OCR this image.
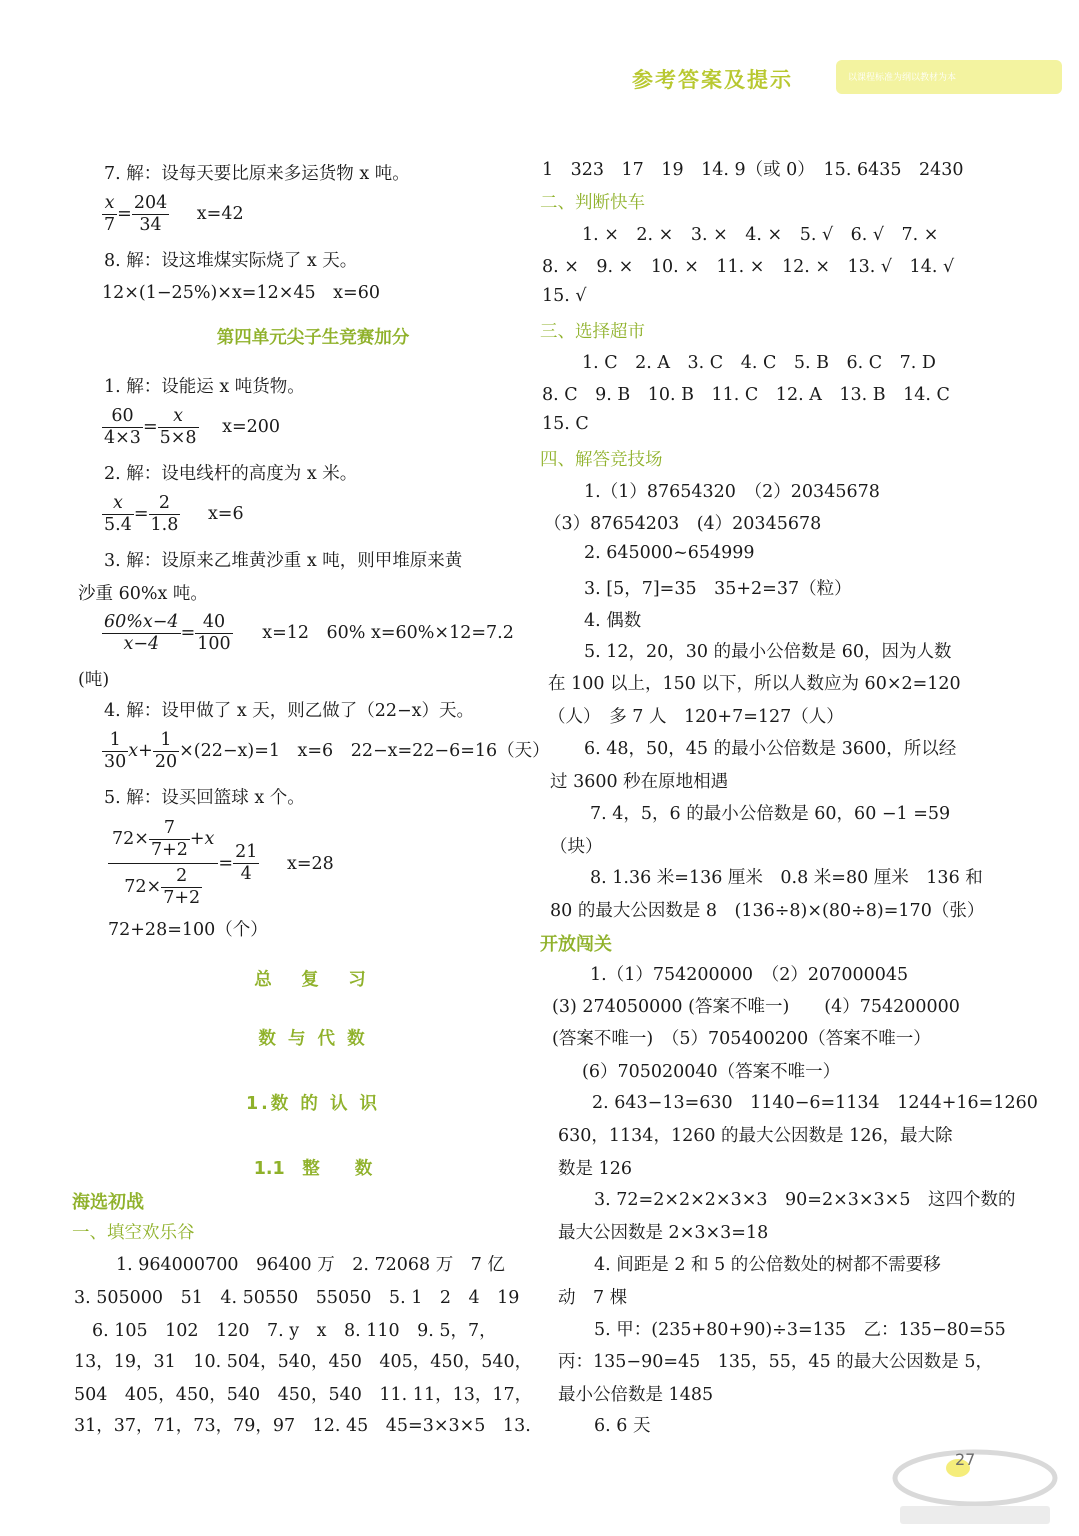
参考答案及提示	以课程标准为纲以教材为本
7. 解：设每天要比原来多运货物 x 吨。
$\frac{x}{7} = \frac{204}{34} x=42$
8. 解：设这堆煤实际烧了 x 天。
12×(1−25%)×x=12×45　x=60
第四单元尖子生竞赛加分
1. 解：设能运 x 吨货物。
$\frac{60}{4\times 3} = \frac{x}{5\times 8} x=200$
2. 解：设电线杆的高度为 x 米。
$\frac{x}{5.4} = \frac{2}{1.8} x=6$
3. 解：设原来乙堆黄沙重 x 吨，则甲堆原来黄
沙重 60%x 吨。
$\frac{60\%x-4}{x-4} = \frac{40}{100} x=12$　60% x=60%×12=7.2
(吨)
4. 解：设甲做了 x 天，则乙做了（22−x）天。
$\frac{1}{30} x+ \frac{1}{20} \times(22-x)=1$　x=6　22−x=22−6=16（天）
5. 解：设买回篮球 x 个。
$\frac{72\times \frac{7}{7+2} +x}{72\times \frac{2}{7+2}} = \frac{21}{4} x=28$
72+28=100（个）
总　复　习
数 与 代 数
1.数 的 认 识
1.1　整　　数
海选初战
一、填空欢乐谷
1. 964000700　96400 万　2. 72068 万　7 亿
3. 505000　51　4. 50550　55050　5. 1　2　4　19
6. 105　102　120　7. y　x　8. 110　9. 5，7，
13，19，31　10. 504，540，450　405，450，540，
504　405，450，540　450，540　11. 11，13，17，
31，37，71，73，79，97　12. 45　45=3×3×5　13.
1　323　17　19　14. 9（或 0）　15. 6435　2430
二、判断快车
1. ×　2. ×　3. ×　4. ×　5. √　6. √　7. ×
8. ×　9. ×　10. ×　11. ×　12. ×　13. √　14. √
15. √
三、选择超市
1. C　2. A　3. C　4. C　5. B　6. C　7. D
8. C　9. B　10. B　11. C　12. A　13. B　14. C
15. C
四、解答竞技场
1.（1）87654320　（2）20345678
（3）87654203　(4）20345678
2. 645000~654999
3. [5，7]=35　35+2=37（粒）
4. 偶数
5. 12，20，30 的最小公倍数是 60，因为人数
在 100 以上，150 以下，所以人数应为 60×2=120
（人）　多 7 人　120+7=127（人）
6. 48，50，45 的最小公倍数是 3600，所以经
过 3600 秒在原地相遇
7. 4，5，6 的最小公倍数是 60，60 −1 =59
（块）
8. 1.36 米=136 厘米　0.8 米=80 厘米　136 和
80 的最大公因数是 8　(136÷8)×(80÷8)=170（张）
开放闯关
1.（1）754200000　（2）207000045
(3) 274050000 (答案不唯一)　　(4）754200000
(答案不唯一)　（5）705400200（答案不唯一）
(6）705020040（答案不唯一）
2. 643−13=630　1140−6=1134　1244+16=1260
630，1134，1260 的最大公因数是 126，最大除
数是 126
3. 72=2×2×2×3×3　90=2×3×3×5　这四个数的
最大公因数是 2×3×3=18
4. 间距是 2 和 5 的公倍数处的树都不需要移
动　7 棵
5. 甲：(235+80+90)÷3=135　乙：135−80=55
丙：135−90=45　135，55，45 的最大公因数是 5，
最小公倍数是 1485
6. 6 天
27
